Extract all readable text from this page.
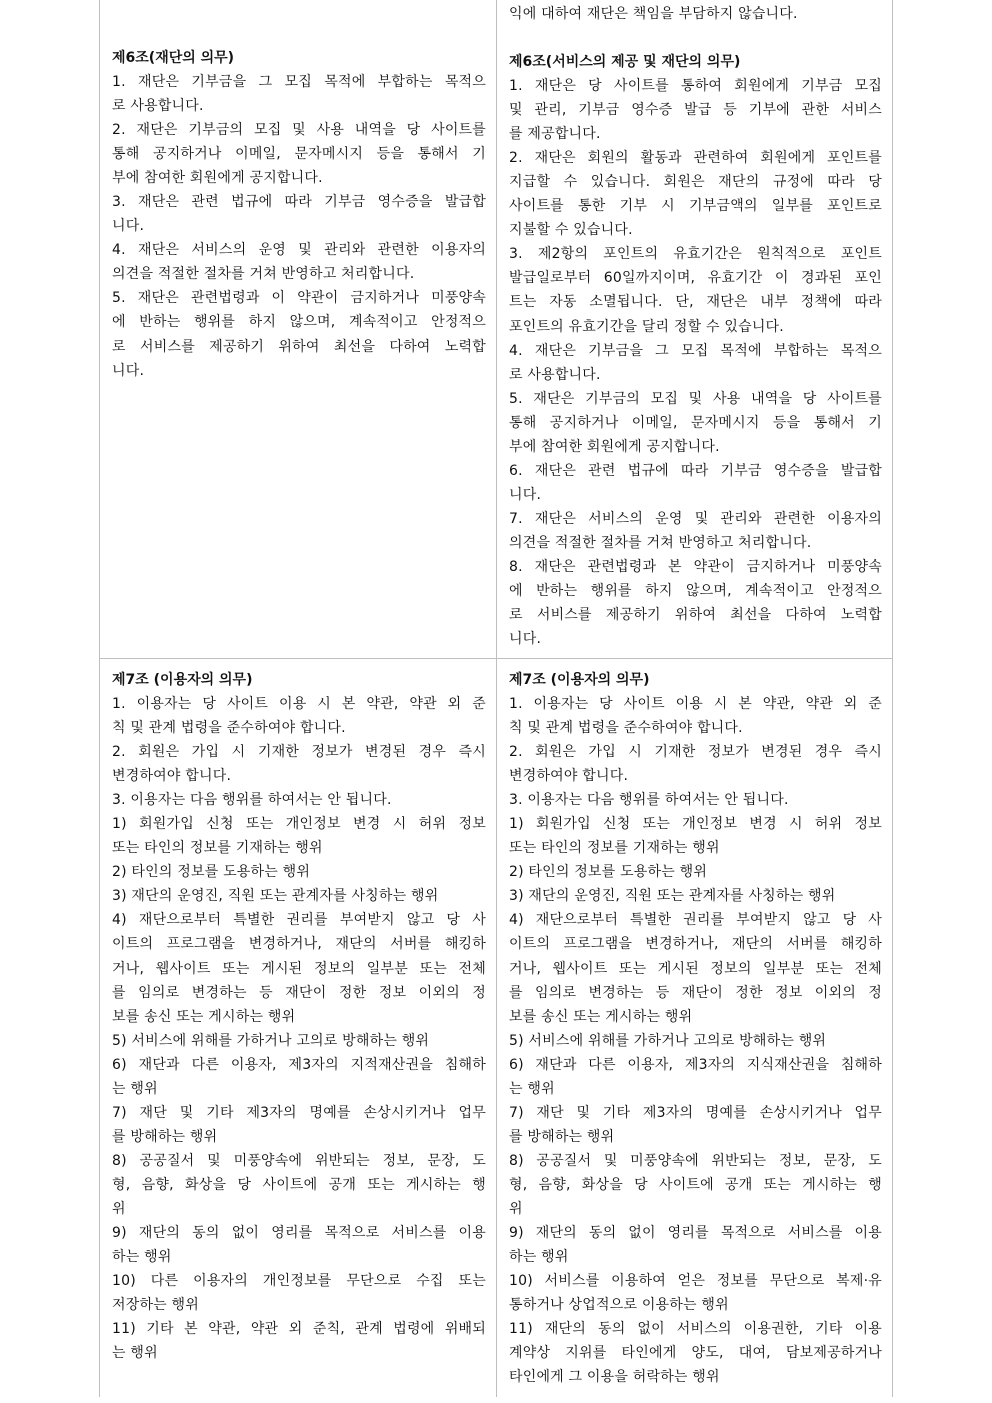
제6조(재단의 의무)
1. 재단은 기부금을 그 모집 목적에 부합하는 목적으
로 사용합니다.
2. 재단은 기부금의 모집 및 사용 내역을 당 사이트를
통해 공지하거나 이메일, 문자메시지 등을 통해서 기
부에 참여한 회원에게 공지합니다.
3. 재단은 관련 법규에 따라 기부금 영수증을 발급합
니다.
4. 재단은 서비스의 운영 및 관리와 관련한 이용자의
의견을 적절한 절차를 거쳐 반영하고 처리합니다.
5. 재단은 관련법령과 이 약관이 금지하거나 미풍양속
에 반하는 행위를 하지 않으며, 계속적이고 안정적으
로 서비스를 제공하기 위하여 최선을 다하여 노력합
니다.
익에 대하여 재단은 책임을 부담하지 않습니다.
제6조(서비스의 제공 및 재단의 의무)
1. 재단은 당 사이트를 통하여 회원에게 기부금 모집
및 관리, 기부금 영수증 발급 등 기부에 관한 서비스
를 제공합니다.
2. 재단은 회원의 활동과 관련하여 회원에게 포인트를
지급할 수 있습니다. 회원은 재단의 규정에 따라 당
사이트를 통한 기부 시 기부금액의 일부를 포인트로
지불할 수 있습니다.
3. 제2항의 포인트의 유효기간은 원칙적으로 포인트
발급일로부터 60일까지이며, 유효기간 이 경과된 포인
트는 자동 소멸됩니다. 단, 재단은 내부 정책에 따라
포인트의 유효기간을 달리 정할 수 있습니다.
4. 재단은 기부금을 그 모집 목적에 부합하는 목적으
로 사용합니다.
5. 재단은 기부금의 모집 및 사용 내역을 당 사이트를
통해 공지하거나 이메일, 문자메시지 등을 통해서 기
부에 참여한 회원에게 공지합니다.
6. 재단은 관련 법규에 따라 기부금 영수증을 발급합
니다.
7. 재단은 서비스의 운영 및 관리와 관련한 이용자의
의견을 적절한 절차를 거쳐 반영하고 처리합니다.
8. 재단은 관련법령과 본 약관이 금지하거나 미풍양속
에 반하는 행위를 하지 않으며, 계속적이고 안정적으
로 서비스를 제공하기 위하여 최선을 다하여 노력합
니다.
제7조 (이용자의 의무)
1. 이용자는 당 사이트 이용 시 본 약관, 약관 외 준
칙 및 관계 법령을 준수하여야 합니다.
2. 회원은 가입 시 기재한 정보가 변경된 경우 즉시
변경하여야 합니다.
3. 이용자는 다음 행위를 하여서는 안 됩니다.
1) 회원가입 신청 또는 개인정보 변경 시 허위 정보
또는 타인의 정보를 기재하는 행위
2) 타인의 정보를 도용하는 행위
3) 재단의 운영진, 직원 또는 관계자를 사칭하는 행위
4) 재단으로부터 특별한 권리를 부여받지 않고 당 사
이트의 프로그램을 변경하거나, 재단의 서버를 해킹하
거나, 웹사이트 또는 게시된 정보의 일부분 또는 전체
를 임의로 변경하는 등 재단이 정한 정보 이외의 정
보를 송신 또는 게시하는 행위
5) 서비스에 위해를 가하거나 고의로 방해하는 행위
6) 재단과 다른 이용자, 제3자의 지적재산권을 침해하
는 행위
7) 재단 및 기타 제3자의 명예를 손상시키거나 업무
를 방해하는 행위
8) 공공질서 및 미풍양속에 위반되는 정보, 문장, 도
형, 음향, 화상을 당 사이트에 공개 또는 게시하는 행
위
9) 재단의 동의 없이 영리를 목적으로 서비스를 이용
하는 행위
10) 다른 이용자의 개인정보를 무단으로 수집 또는
저장하는 행위
11) 기타 본 약관, 약관 외 준칙, 관계 법령에 위배되
는 행위
제7조 (이용자의 의무)
1. 이용자는 당 사이트 이용 시 본 약관, 약관 외 준
칙 및 관계 법령을 준수하여야 합니다.
2. 회원은 가입 시 기재한 정보가 변경된 경우 즉시
변경하여야 합니다.
3. 이용자는 다음 행위를 하여서는 안 됩니다.
1) 회원가입 신청 또는 개인정보 변경 시 허위 정보
또는 타인의 정보를 기재하는 행위
2) 타인의 정보를 도용하는 행위
3) 재단의 운영진, 직원 또는 관계자를 사칭하는 행위
4) 재단으로부터 특별한 권리를 부여받지 않고 당 사
이트의 프로그램을 변경하거나, 재단의 서버를 해킹하
거나, 웹사이트 또는 게시된 정보의 일부분 또는 전체
를 임의로 변경하는 등 재단이 정한 정보 이외의 정
보를 송신 또는 게시하는 행위
5) 서비스에 위해를 가하거나 고의로 방해하는 행위
6) 재단과 다른 이용자, 제3자의 지식재산권을 침해하
는 행위
7) 재단 및 기타 제3자의 명예를 손상시키거나 업무
를 방해하는 행위
8) 공공질서 및 미풍양속에 위반되는 정보, 문장, 도
형, 음향, 화상을 당 사이트에 공개 또는 게시하는 행
위
9) 재단의 동의 없이 영리를 목적으로 서비스를 이용
하는 행위
10) 서비스를 이용하여 얻은 정보를 무단으로 복제·유
통하거나 상업적으로 이용하는 행위
11) 재단의 동의 없이 서비스의 이용권한, 기타 이용
계약상 지위를 타인에게 양도, 대여, 담보제공하거나
타인에게 그 이용을 허락하는 행위
